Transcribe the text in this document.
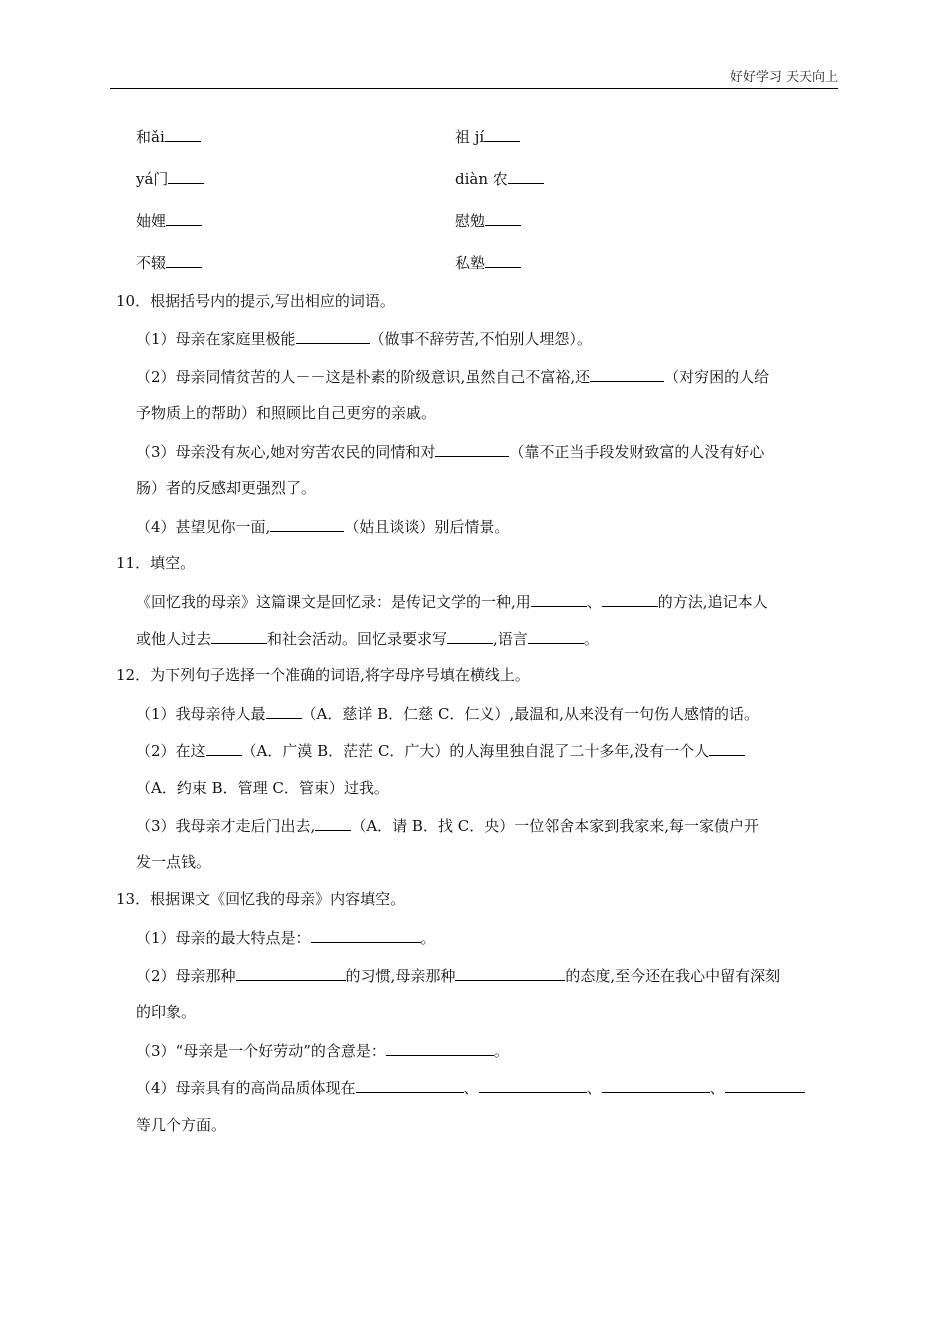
好好学习 天天向上
和ǎi	祖 jí
yá门	diàn 农
妯娌	慰勉
不辍	私塾
10．根据括号内的提示,写出相应的词语。
（1）母亲在家庭里极能	（做事不辞劳苦,不怕别人埋怨）。
（2）母亲同情贫苦的人－－这是朴素的阶级意识,虽然自己不富裕,还	（对穷困的人给
予物质上的帮助）和照顾比自己更穷的亲戚。
（3）母亲没有灰心,她对穷苦农民的同情和对	（靠不正当手段发财致富的人没有好心
肠）者的反感却更强烈了。
（4）甚望见你一面,	（姑且谈谈）别后情景。
11．填空。
《回忆我的母亲》这篇课文是回忆录：是传记文学的一种,用	、	的方法,追记本人
或他人过去	和社会活动。回忆录要求写	,语言	。
12．为下列句子选择一个准确的词语,将字母序号填在横线上。
（1）我母亲待人最 （A．慈详 B．仁慈 C．仁义）,最温和,从来没有一句伤人感情的话。
（2）在这 （A．广漠 B．茫茫 C．广大）的人海里独自混了二十多年,没有一个人
（A．约束 B．管理 C．管束）过我。
（3）我母亲才走后门出去, （A．请 B．找 C．央）一位邻舍本家到我家来,每一家债户开
发一点钱。
13．根据课文《回忆我的母亲》内容填空。
（1）母亲的最大特点是：	。
（2）母亲那种	的习惯,母亲那种	的态度,至今还在我心中留有深刻
的印象。
（3）“母亲是一个好劳动”的含意是：	。
（4）母亲具有的高尚品质体现在	、	、	、
等几个方面。
